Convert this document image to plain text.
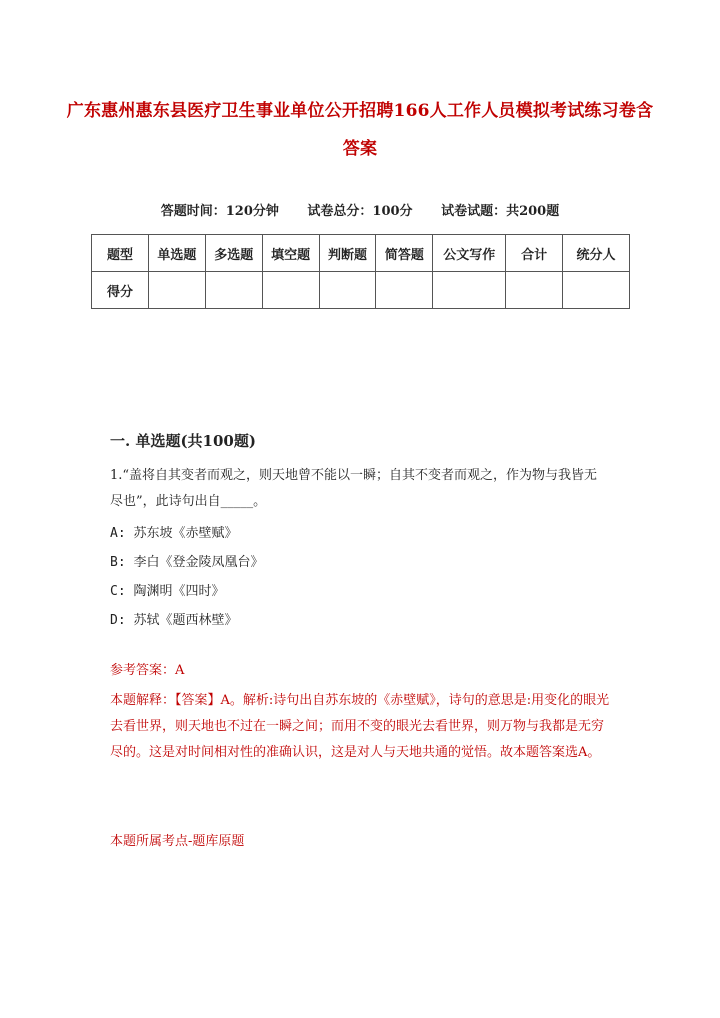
广东惠州惠东县医疗卫生事业单位公开招聘166人工作人员模拟考试练习卷含答案
答题时间：120分钟 试卷总分：100分 试卷试题：共200题
题型	单选题	多选题	填空题	判断题	简答题	公文写作	合计	统分人
得分								
一. 单选题(共100题)
1.“盖将自其变者而观之，则天地曾不能以一瞬；自其不变者而观之，作为物与我皆无尽也”，此诗句出自_____。
A: 苏东坡《赤壁赋》
B: 李白《登金陵凤凰台》
C: 陶渊明《四时》
D: 苏轼《题西林壁》
参考答案：A
本题解释：【答案】A。解析:诗句出自苏东坡的《赤壁赋》，诗句的意思是:用变化的眼光去看世界，则天地也不过在一瞬之间；而用不变的眼光去看世界，则万物与我都是无穷尽的。这是对时间相对性的准确认识，这是对人与天地共通的觉悟。故本题答案选A。
本题所属考点-题库原题
